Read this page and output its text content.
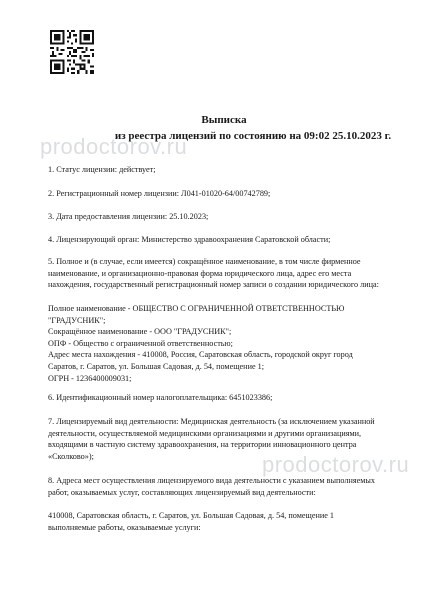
Выписка
из реестра лицензий по состоянию на 09:02 25.10.2023 г.
prodoctorov.ru
1. Статус лицензии: действует;
2. Регистрационный номер лицензии: Л041-01020-64/00742789;
3. Дата предоставления лицензии: 25.10.2023;
4. Лицензирующий орган: Министерство здравоохранения Саратовской области;
5. Полное и (в случае, если имеется) сокращённое наименование, в том числе фирменное
наименование, и организационно-правовая форма юридического лица, адрес его места
нахождения, государственный регистрационный номер записи о создании юридического лица:
Полное наименование - ОБЩЕСТВО С ОГРАНИЧЕННОЙ ОТВЕТСТВЕННОСТЬЮ
"ГРАДУСНИК";
Сокращённое наименование - ООО "ГРАДУСНИК";
ОПФ - Общество с ограниченной ответственностью;
Адрес места нахождения - 410008, Россия, Саратовская область, городской округ город
Саратов, г. Саратов, ул. Большая Садовая, д. 54, помещение 1;
ОГРН - 1236400009031;
6. Идентификационный номер налогоплательщика: 6451023386;
7. Лицензируемый вид деятельности: Медицинская деятельность (за исключением указанной
деятельности, осуществляемой медицинскими организациями и другими организациями,
входящими в частную систему здравоохранения, на территории инновационного центра
«Сколково»);	prodoctorov.ru
8. Адреса мест осуществления лицензируемого вида деятельности с указанием выполняемых
работ, оказываемых услуг, составляющих лицензируемый вид деятельности:
410008, Саратовская область, г. Саратов, ул. Большая Садовая, д. 54, помещение 1
выполняемые работы, оказываемые услуги:
